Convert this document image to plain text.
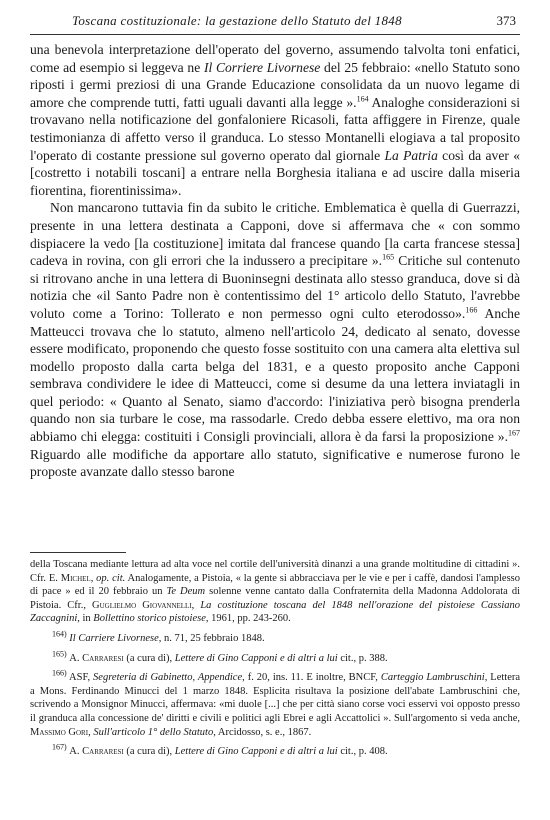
Toscana costituzionale: la gestazione dello Statuto del 1848	373

una benevola interpretazione dell'operato del governo, assumendo talvolta toni enfatici, come ad esempio si leggeva ne Il Corriere Livornese del 25 febbraio: «nello Statuto sono riposti i germi preziosi di una Grande Educazione consolidata da un nuovo legame di amore che comprende tutti, fatti uguali davanti alla legge ».$^{164}$ Analoghe considerazioni si trovavano nella notificazione del gonfaloniere Ricasoli, fatta affiggere in Firenze, quale testimonianza di affetto verso il granduca. Lo stesso Montanelli elogiava a tal proposito l'operato di costante pressione sul governo operato dal giornale La Patria così da aver « [costretto i notabili toscani] a entrare nella Borghesia italiana e ad uscire dalla miseria fiorentina, fiorentinissima».

Non mancarono tuttavia fin da subito le critiche. Emblematica è quella di Guerrazzi, presente in una lettera destinata a Capponi, dove si affermava che « con sommo dispiacere la vedo [la costituzione] imitata dal francese quando [la carta francese stessa] cadeva in rovina, con gli errori che la indussero a precipitare ».$^{165}$ Critiche sul contenuto si ritrovano anche in una lettera di Buoninsegni destinata allo stesso granduca, dove si dà notizia che «il Santo Padre non è contentissimo del 1° articolo dello Statuto, l'avrebbe voluto come a Torino: Tollerato e non permesso ogni culto eterodosso».$^{166}$ Anche Matteucci trovava che lo statuto, almeno nell'articolo 24, dedicato al senato, dovesse essere modificato, proponendo che questo fosse sostituito con una camera alta elettiva sul modello proposto dalla carta belga del 1831, e a questo proposito anche Capponi sembrava condividere le idee di Matteucci, come si desume da una lettera inviatagli in quel periodo: « Quanto al Senato, siamo d'accordo: l'iniziativa però bisogna prenderla quando non sia turbare le cose, ma rassodarle. Credo debba essere elettivo, ma ora non abbiamo chi elegga: costituiti i Consigli provinciali, allora è da farsi la proposizione ».$^{167}$ Riguardo alle modifiche da apportare allo statuto, significative e numerose furono le proposte avanzate dallo stesso barone

della Toscana mediante lettura ad alta voce nel cortile dell'università dinanzi a una grande moltitudine di cittadini ». Cfr. E. Michel, op. cit. Analogamente, a Pistoia, « la gente si abbracciava per le vie e per i caffè, dandosi l'amplesso di pace » ed il 20 febbraio un Te Deum solenne venne cantato dalla Confraternita della Madonna Addolorata di Pistoia. Cfr., Guglielmo Giovannelli, La costituzione toscana del 1848 nell'orazione del pistoiese Cassiano Zaccagnini, in Bollettino storico pistoiese, 1961, pp. 243-260.

$^{164)}$ Il Carriere Livornese, n. 71, 25 febbraio 1848.

$^{165)}$ A. Carraresi (a cura di), Lettere di Gino Capponi e di altri a lui cit., p. 388.

$^{166)}$ ASF, Segreteria di Gabinetto, Appendice, f. 20, ins. 11. E inoltre, BNCF, Carteggio Lambruschini, Lettera a Mons. Ferdinando Minucci del 1 marzo 1848. Esplicita risultava la posizione dell'abate Lambruschini che, scrivendo a Monsignor Minucci, affermava: «mi duole [...] che per città siano corse voci esservi voi opposto presso il granduca alla concessione de' diritti e civili e politici agli Ebrei e agli Accattolici ». Sull'argomento si veda anche, Massimo Gori, Sull'articolo 1° dello Statuto, Arcidosso, s. e., 1867.

$^{167)}$ A. Carraresi (a cura di), Lettere di Gino Capponi e di altri a lui cit., p. 408.
